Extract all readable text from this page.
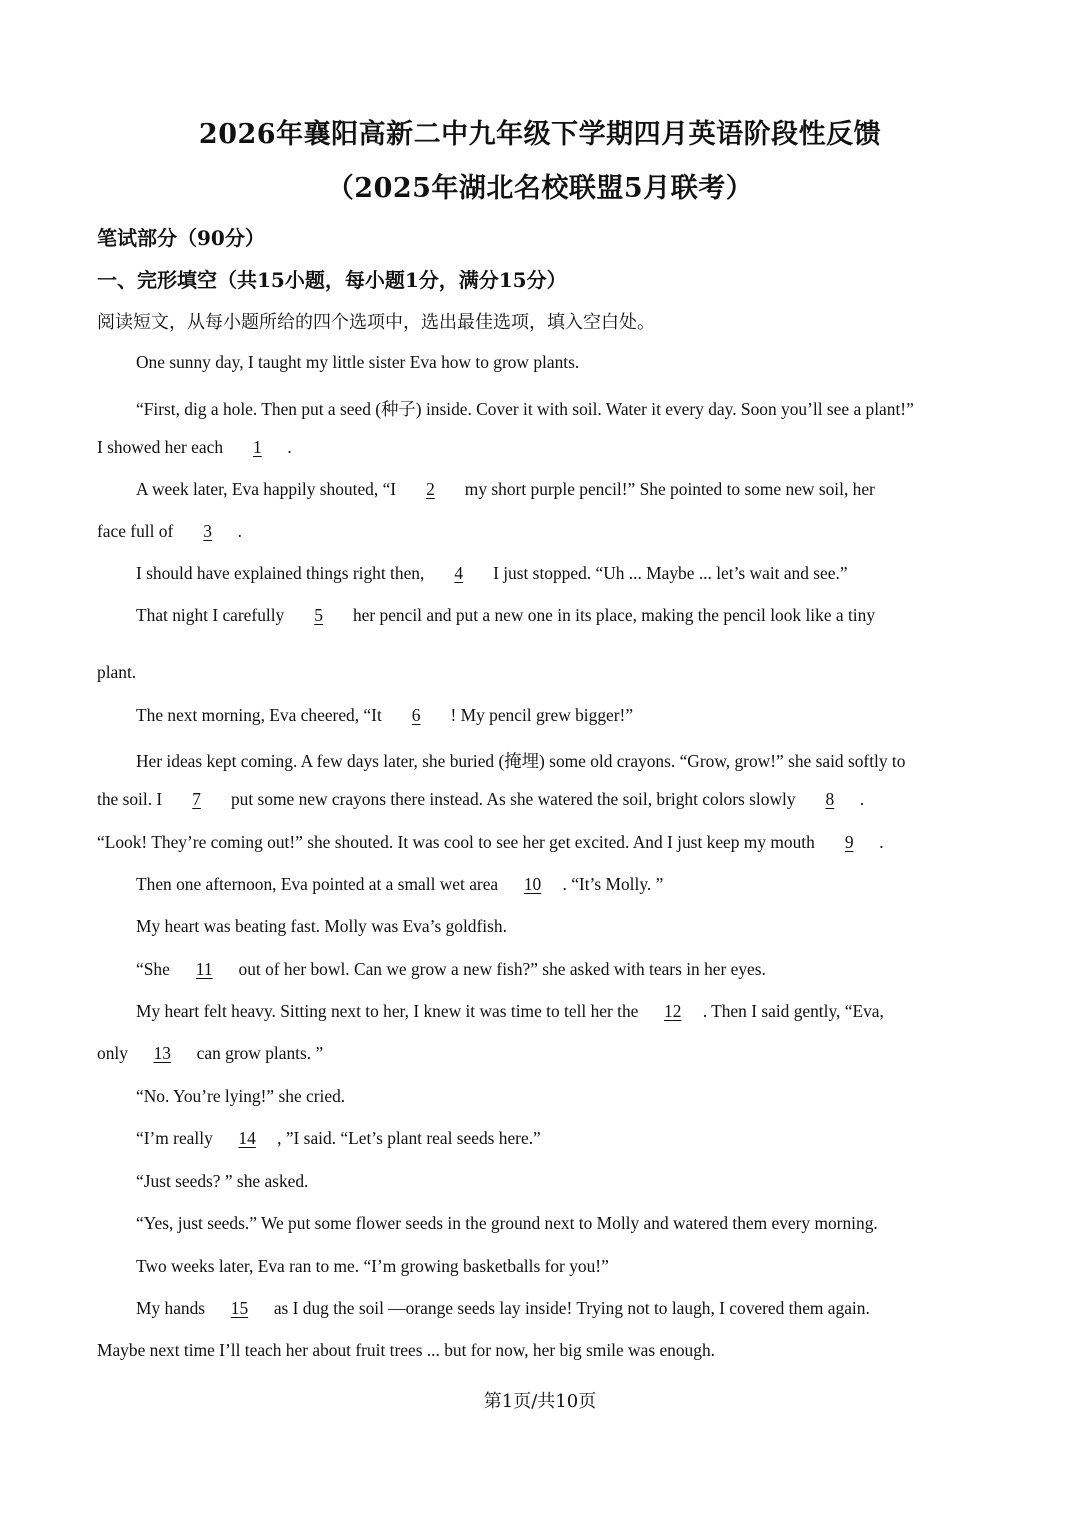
2026年襄阳高新二中九年级下学期四月英语阶段性反馈
（2025年湖北名校联盟5月联考）
笔试部分（90分）
一、完形填空（共15小题，每小题1分，满分15分）
阅读短文，从每小题所给的四个选项中，选出最佳选项，填入空白处。
One sunny day, I taught my little sister Eva how to grow plants.
“First, dig a hole. Then put a seed (种子) inside. Cover it with soil. Water it every day. Soon you’ll see a plant!”
I showed her each 1 .
A week later, Eva happily shouted, “I 2 my short purple pencil!” She pointed to some new soil, her
face full of 3 .
I should have explained things right then, 4 I just stopped. “Uh ... Maybe ... let’s wait and see.”
That night I carefully 5 her pencil and put a new one in its place, making the pencil look like a tiny
plant.
The next morning, Eva cheered, “It 6 ! My pencil grew bigger!”
Her ideas kept coming. A few days later, she buried (掩埋) some old crayons. “Grow, grow!” she said softly to
the soil. I 7 put some new crayons there instead. As she watered the soil, bright colors slowly 8 .
“Look! They’re coming out!” she shouted. It was cool to see her get excited. And I just keep my mouth 9 .
Then one afternoon, Eva pointed at a small wet area 10 . “It’s Molly. ”
My heart was beating fast. Molly was Eva’s goldfish.
“She 11 out of her bowl. Can we grow a new fish?” she asked with tears in her eyes.
My heart felt heavy. Sitting next to her, I knew it was time to tell her the 12 . Then I said gently, “Eva,
only 13 can grow plants. ”
“No. You’re lying!” she cried.
“I’m really 14 , ”I said. “Let’s plant real seeds here.”
“Just seeds? ” she asked.
“Yes, just seeds.” We put some flower seeds in the ground next to Molly and watered them every morning.
Two weeks later, Eva ran to me. “I’m growing basketballs for you!”
My hands 15 as I dug the soil —orange seeds lay inside! Trying not to laugh, I covered them again.
Maybe next time I’ll teach her about fruit trees ... but for now, her big smile was enough.
第1页/共10页
